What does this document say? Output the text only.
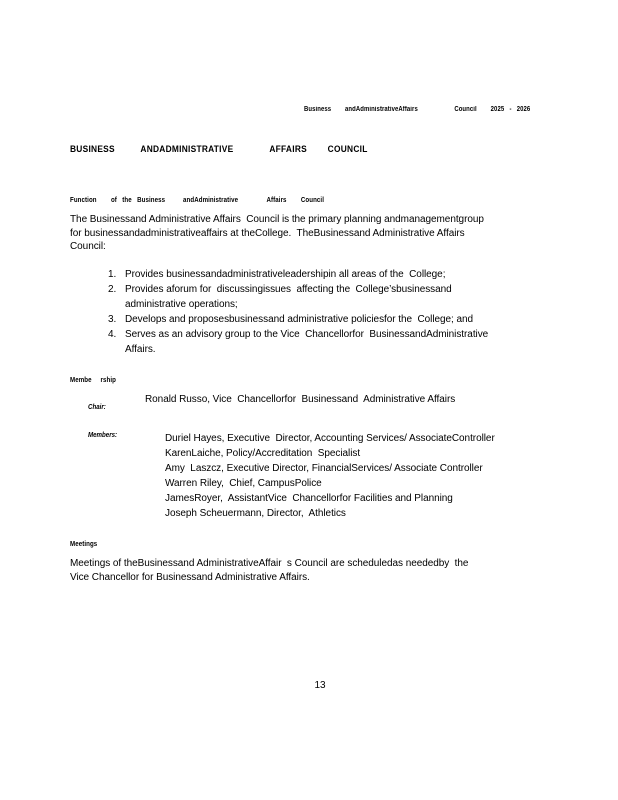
Business        andAdministrativeAffairs                     Council        2025   -   2026
BUSINESS          ANDADMINISTRATIVE              AFFAIRS        COUNCIL
Function        of   the   Business          andAdministrative                Affairs        Council
The Businessand Administrative Affairs  Council is the primary planning andmanagementgroup
for businessandadministrativeaffairs at theCollege.  TheBusinessand Administrative Affairs
Council:
1. Provides businessandadministrativeleadershipin all areas of the  College;
2. Provides aforum for  discussingissues  affecting the  College’sbusinessand
administrative operations;
3. Develops and proposesbusinessand administrative policiesfor the  College; and
4. Serves as an advisory group to the Vice  Chancellorfor  BusinessandAdministrative
Affairs.
Membe     rship
Chair:
Ronald Russo, Vice  Chancellorfor  Businessand  Administrative Affairs
Members:	Duriel Hayes, Executive  Director, Accounting Services/ AssociateController
KarenLaiche, Policy/Accreditation  Specialist
Amy  Laszcz, Executive Director, FinancialServices/ Associate Controller
Warren Riley,  Chief, CampusPolice
JamesRoyer,  AssistantVice  Chancellorfor Facilities and Planning
Joseph Scheuermann, Director,  Athletics
Meetings
Meetings of theBusinessand AdministrativeAffair  s Council are scheduledas neededby  the
Vice Chancellor for Businessand Administrative Affairs.
13
